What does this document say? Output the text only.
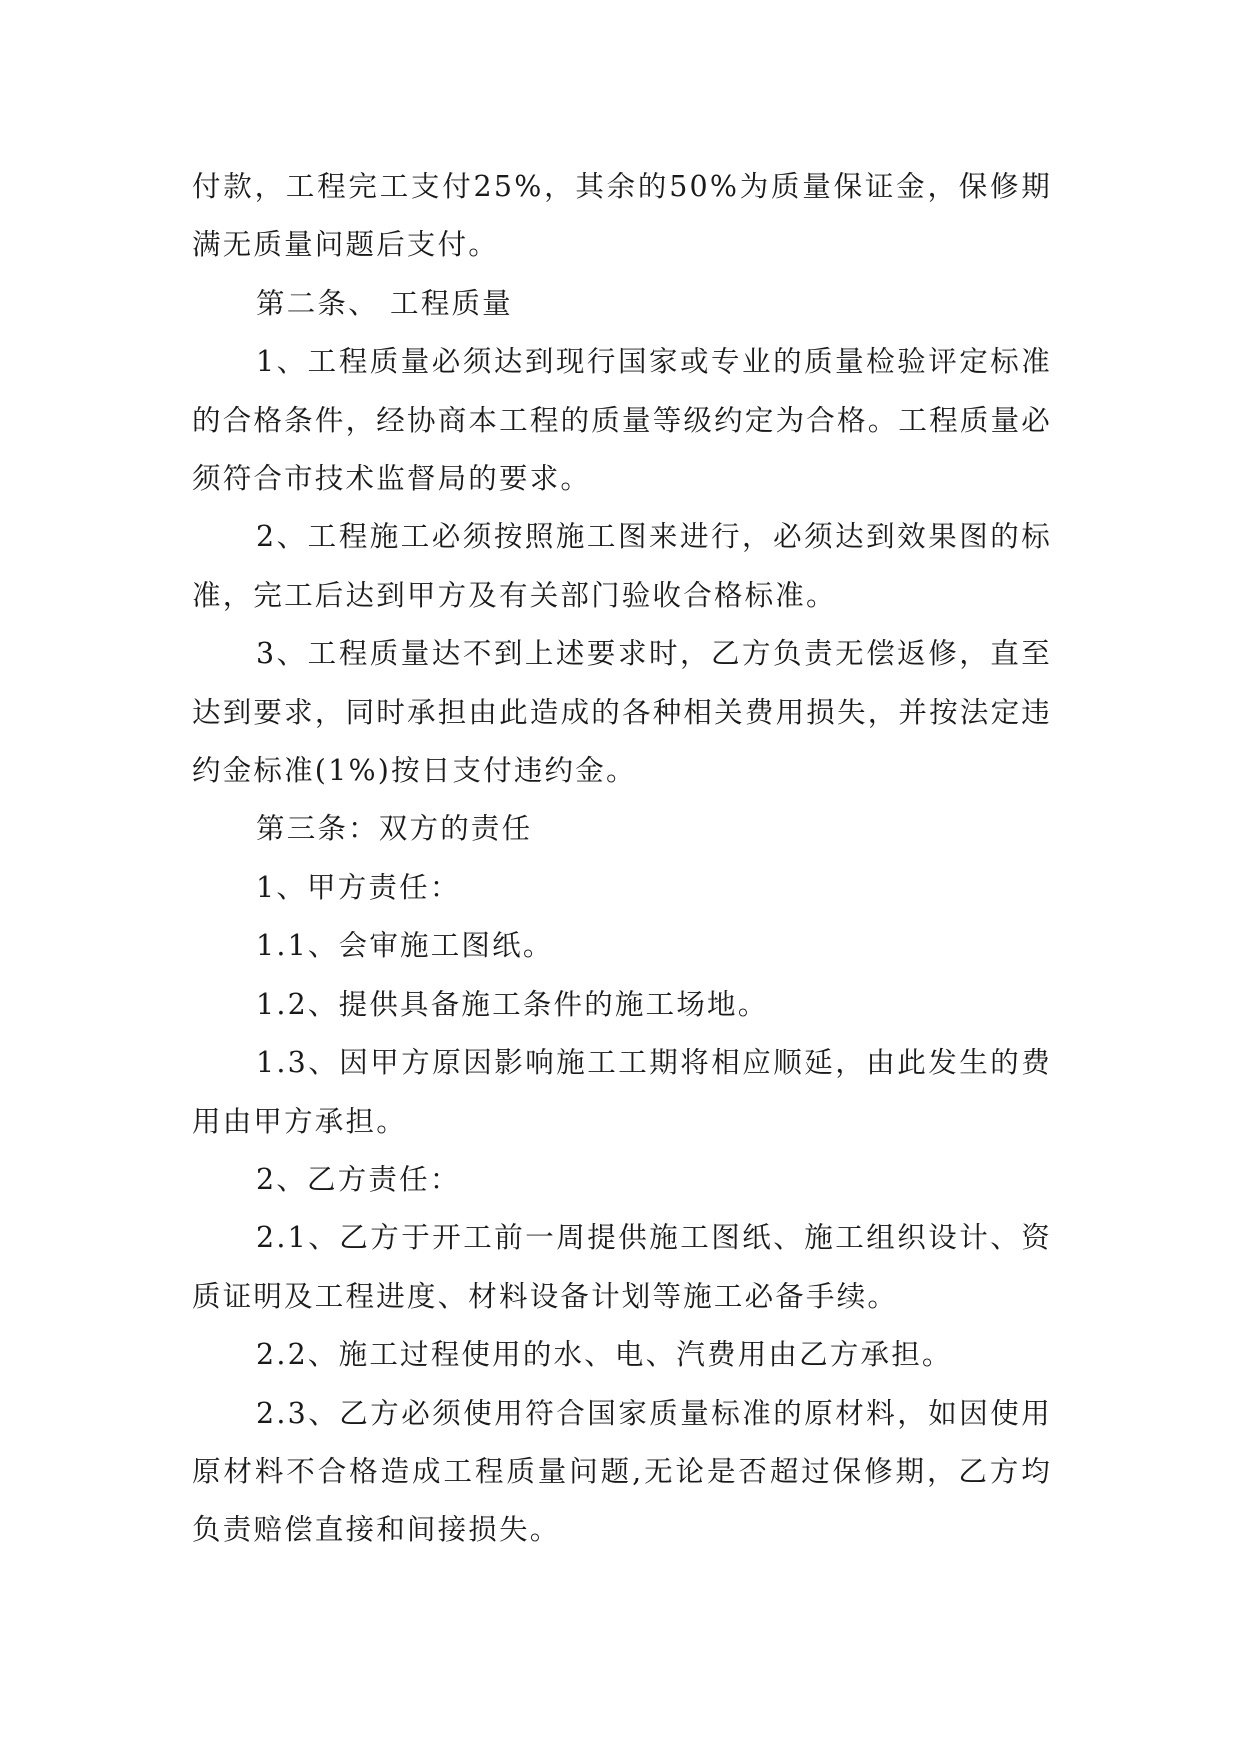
付款，工程完工支付25%，其余的50%为质量保证金，保修期满无质量问题后支付。

第二条、 工程质量

1、工程质量必须达到现行国家或专业的质量检验评定标准的合格条件，经协商本工程的质量等级约定为合格。工程质量必须符合市技术监督局的要求。

2、工程施工必须按照施工图来进行，必须达到效果图的标准，完工后达到甲方及有关部门验收合格标准。

3、工程质量达不到上述要求时，乙方负责无偿返修，直至达到要求，同时承担由此造成的各种相关费用损失，并按法定违约金标准(1%)按日支付违约金。

第三条：双方的责任

1、甲方责任：

1.1、会审施工图纸。

1.2、提供具备施工条件的施工场地。

1.3、因甲方原因影响施工工期将相应顺延，由此发生的费用由甲方承担。

2、乙方责任：

2.1、乙方于开工前一周提供施工图纸、施工组织设计、资质证明及工程进度、材料设备计划等施工必备手续。

2.2、施工过程使用的水、电、汽费用由乙方承担。

2.3、乙方必须使用符合国家质量标准的原材料，如因使用原材料不合格造成工程质量问题,无论是否超过保修期，乙方均负责赔偿直接和间接损失。
